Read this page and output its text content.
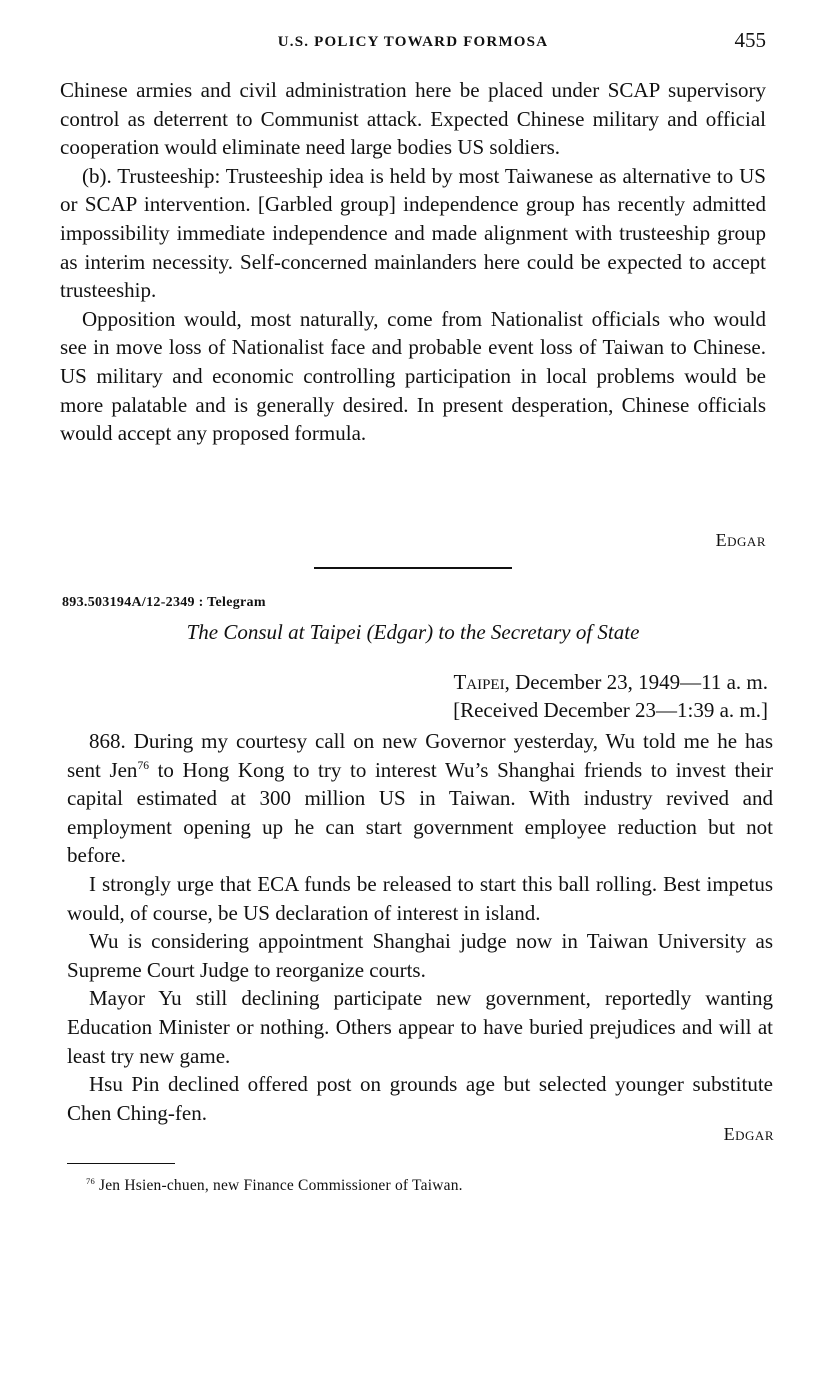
U.S. POLICY TOWARD FORMOSA	455

Chinese armies and civil administration here be placed under SCAP supervisory control as deterrent to Communist attack. Expected Chinese military and official cooperation would eliminate need large bodies US soldiers.

(b). Trusteeship: Trusteeship idea is held by most Taiwanese as alternative to US or SCAP intervention. [Garbled group] independence group has recently admitted impossibility immediate independence and made alignment with trusteeship group as interim necessity. Self-concerned mainlanders here could be expected to accept trusteeship.

Opposition would, most naturally, come from Nationalist officials who would see in move loss of Nationalist face and probable event loss of Taiwan to Chinese. US military and economic controlling participation in local problems would be more palatable and is generally desired. In present desperation, Chinese officials would accept any proposed formula.

Edgar
893.503194A/12-2349 : Telegram
The Consul at Taipei (Edgar) to the Secretary of State
Taipei, December 23, 1949—11 a. m.
[Received December 23—1:39 a. m.]

868. During my courtesy call on new Governor yesterday, Wu told me he has sent Jen$^{76}$ to Hong Kong to try to interest Wu’s Shanghai friends to invest their capital estimated at 300 million US in Taiwan. With industry revived and employment opening up he can start government employee reduction but not before.

I strongly urge that ECA funds be released to start this ball rolling. Best impetus would, of course, be US declaration of interest in island.

Wu is considering appointment Shanghai judge now in Taiwan University as Supreme Court Judge to reorganize courts.

Mayor Yu still declining participate new government, reportedly wanting Education Minister or nothing. Others appear to have buried prejudices and will at least try new game.

Hsu Pin declined offered post on grounds age but selected younger substitute Chen Ching-fen.

Edgar
$^{76}$ Jen Hsien-chuen, new Finance Commissioner of Taiwan.
